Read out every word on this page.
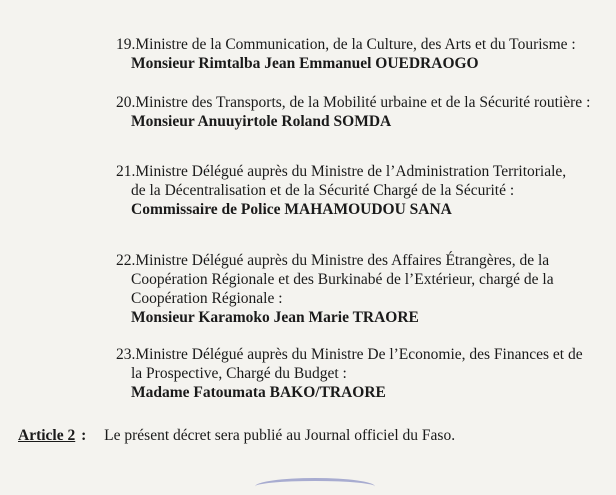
19.Ministre de la Communication, de la Culture, des Arts et du Tourisme :
Monsieur Rimtalba Jean Emmanuel OUEDRAOGO
20.Ministre des Transports, de la Mobilité urbaine et de la Sécurité routière :
Monsieur Anuuyirtole Roland SOMDA
21.Ministre Délégué auprès du Ministre de l’Administration Territoriale,
de la Décentralisation et de la Sécurité Chargé de la Sécurité :
Commissaire de Police MAHAMOUDOU SANA
22.Ministre Délégué auprès du Ministre des Affaires Étrangères, de la
Coopération Régionale et des Burkinabé de l’Extérieur, chargé de la
Coopération Régionale :
Monsieur Karamoko Jean Marie TRAORE
23.Ministre Délégué auprès du Ministre De l’Economie, des Finances et de
la Prospective, Chargé du Budget :
Madame Fatoumata BAKO/TRAORE
Article 2 : Le présent décret sera publié au Journal officiel du Faso.
